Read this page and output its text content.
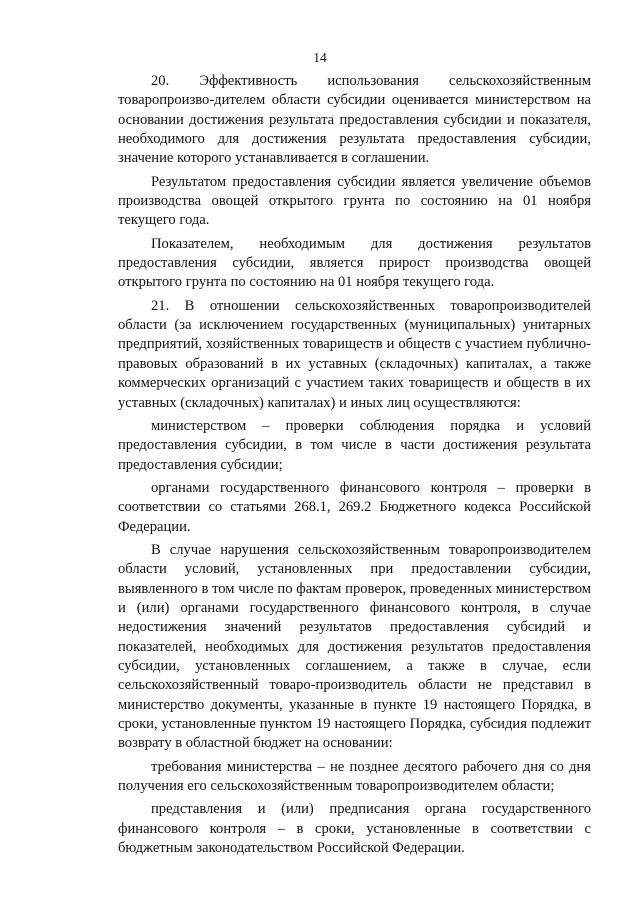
14

20. Эффективность использования сельскохозяйственным товаропроизво-дителем области субсидии оценивается министерством на основании достижения результата предоставления субсидии и показателя, необходимого для достижения результата предоставления субсидии, значение которого устанавливается в соглашении.

Результатом предоставления субсидии является увеличение объемов производства овощей открытого грунта по состоянию на 01 ноября текущего года.

Показателем, необходимым для достижения результатов предоставления субсидии, является прирост производства овощей открытого грунта по состоянию на 01 ноября текущего года.

21. В отношении сельскохозяйственных товаропроизводителей области (за исключением государственных (муниципальных) унитарных предприятий, хозяйственных товариществ и обществ с участием публично-правовых образований в их уставных (складочных) капиталах, а также коммерческих организаций с участием таких товариществ и обществ в их уставных (складочных) капиталах) и иных лиц осуществляются:

министерством – проверки соблюдения порядка и условий предоставления субсидии, в том числе в части достижения результата предоставления субсидии;

органами государственного финансового контроля – проверки в соответствии со статьями 268.1, 269.2 Бюджетного кодекса Российской Федерации.

В случае нарушения сельскохозяйственным товаропроизводителем области условий, установленных при предоставлении субсидии, выявленного в том числе по фактам проверок, проведенных министерством и (или) органами государственного финансового контроля, в случае недостижения значений результатов предоставления субсидий и показателей, необходимых для достижения результатов предоставления субсидии, установленных соглашением, а также в случае, если сельскохозяйственный товаро-производитель области не представил в министерство документы, указанные в пункте 19 настоящего Порядка, в сроки, установленные пунктом 19 настоящего Порядка, субсидия подлежит возврату в областной бюджет на основании:

требования министерства – не позднее десятого рабочего дня со дня получения его сельскохозяйственным товаропроизводителем области;

представления и (или) предписания органа государственного финансового контроля – в сроки, установленные в соответствии с бюджетным законодательством Российской Федерации.
